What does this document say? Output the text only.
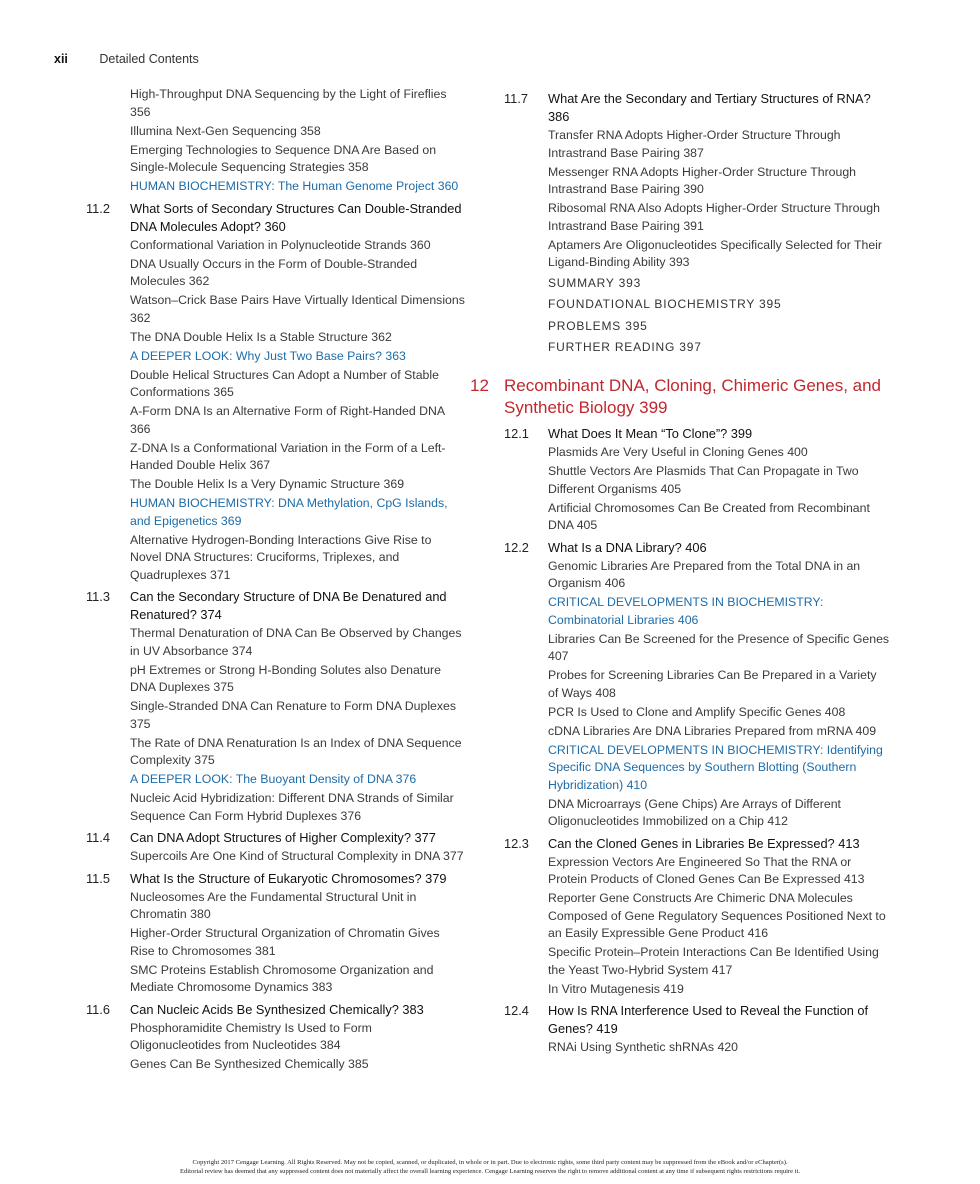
xii	Detailed Contents
High-Throughput DNA Sequencing by the Light of Fireflies 356
Illumina Next-Gen Sequencing 358
Emerging Technologies to Sequence DNA Are Based on Single-Molecule Sequencing Strategies 358
HUMAN BIOCHEMISTRY: The Human Genome Project 360
11.2	What Sorts of Secondary Structures Can Double-Stranded DNA Molecules Adopt? 360
Conformational Variation in Polynucleotide Strands 360
DNA Usually Occurs in the Form of Double-Stranded Molecules 362
Watson–Crick Base Pairs Have Virtually Identical Dimensions 362
The DNA Double Helix Is a Stable Structure 362
A DEEPER LOOK: Why Just Two Base Pairs? 363
Double Helical Structures Can Adopt a Number of Stable Conformations 365
A-Form DNA Is an Alternative Form of Right-Handed DNA 366
Z-DNA Is a Conformational Variation in the Form of a Left-Handed Double Helix 367
The Double Helix Is a Very Dynamic Structure 369
HUMAN BIOCHEMISTRY: DNA Methylation, CpG Islands, and Epigenetics 369
Alternative Hydrogen-Bonding Interactions Give Rise to Novel DNA Structures: Cruciforms, Triplexes, and Quadruplexes 371
11.3	Can the Secondary Structure of DNA Be Denatured and Renatured? 374
Thermal Denaturation of DNA Can Be Observed by Changes in UV Absorbance 374
pH Extremes or Strong H-Bonding Solutes also Denature DNA Duplexes 375
Single-Stranded DNA Can Renature to Form DNA Duplexes 375
The Rate of DNA Renaturation Is an Index of DNA Sequence Complexity 375
A DEEPER LOOK: The Buoyant Density of DNA 376
Nucleic Acid Hybridization: Different DNA Strands of Similar Sequence Can Form Hybrid Duplexes 376
11.4	Can DNA Adopt Structures of Higher Complexity? 377
Supercoils Are One Kind of Structural Complexity in DNA 377
11.5	What Is the Structure of Eukaryotic Chromosomes? 379
Nucleosomes Are the Fundamental Structural Unit in Chromatin 380
Higher-Order Structural Organization of Chromatin Gives Rise to Chromosomes 381
SMC Proteins Establish Chromosome Organization and Mediate Chromosome Dynamics 383
11.6	Can Nucleic Acids Be Synthesized Chemically? 383
Phosphoramidite Chemistry Is Used to Form Oligonucleotides from Nucleotides 384
Genes Can Be Synthesized Chemically 385
11.7	What Are the Secondary and Tertiary Structures of RNA? 386
Transfer RNA Adopts Higher-Order Structure Through Intrastrand Base Pairing 387
Messenger RNA Adopts Higher-Order Structure Through Intrastrand Base Pairing 390
Ribosomal RNA Also Adopts Higher-Order Structure Through Intrastrand Base Pairing 391
Aptamers Are Oligonucleotides Specifically Selected for Their Ligand-Binding Ability 393
SUMMARY 393
FOUNDATIONAL BIOCHEMISTRY 395
PROBLEMS 395
FURTHER READING 397
12 Recombinant DNA, Cloning, Chimeric Genes, and Synthetic Biology 399
12.1	What Does It Mean “To Clone”? 399
Plasmids Are Very Useful in Cloning Genes 400
Shuttle Vectors Are Plasmids That Can Propagate in Two Different Organisms 405
Artificial Chromosomes Can Be Created from Recombinant DNA 405
12.2	What Is a DNA Library? 406
Genomic Libraries Are Prepared from the Total DNA in an Organism 406
CRITICAL DEVELOPMENTS IN BIOCHEMISTRY: Combinatorial Libraries 406
Libraries Can Be Screened for the Presence of Specific Genes 407
Probes for Screening Libraries Can Be Prepared in a Variety of Ways 408
PCR Is Used to Clone and Amplify Specific Genes 408
cDNA Libraries Are DNA Libraries Prepared from mRNA 409
CRITICAL DEVELOPMENTS IN BIOCHEMISTRY: Identifying Specific DNA Sequences by Southern Blotting (Southern Hybridization) 410
DNA Microarrays (Gene Chips) Are Arrays of Different Oligonucleotides Immobilized on a Chip 412
12.3	Can the Cloned Genes in Libraries Be Expressed? 413
Expression Vectors Are Engineered So That the RNA or Protein Products of Cloned Genes Can Be Expressed 413
Reporter Gene Constructs Are Chimeric DNA Molecules Composed of Gene Regulatory Sequences Positioned Next to an Easily Expressible Gene Product 416
Specific Protein–Protein Interactions Can Be Identified Using the Yeast Two-Hybrid System 417
In Vitro Mutagenesis 419
12.4	How Is RNA Interference Used to Reveal the Function of Genes? 419
RNAi Using Synthetic shRNAs 420
Copyright 2017 Cengage Learning. All Rights Reserved. May not be copied, scanned, or duplicated, in whole or in part. Due to electronic rights, some third party content may be suppressed from the eBook and/or eChapter(s).
Editorial review has deemed that any suppressed content does not materially affect the overall learning experience. Cengage Learning reserves the right to remove additional content at any time if subsequent rights restrictions require it.
